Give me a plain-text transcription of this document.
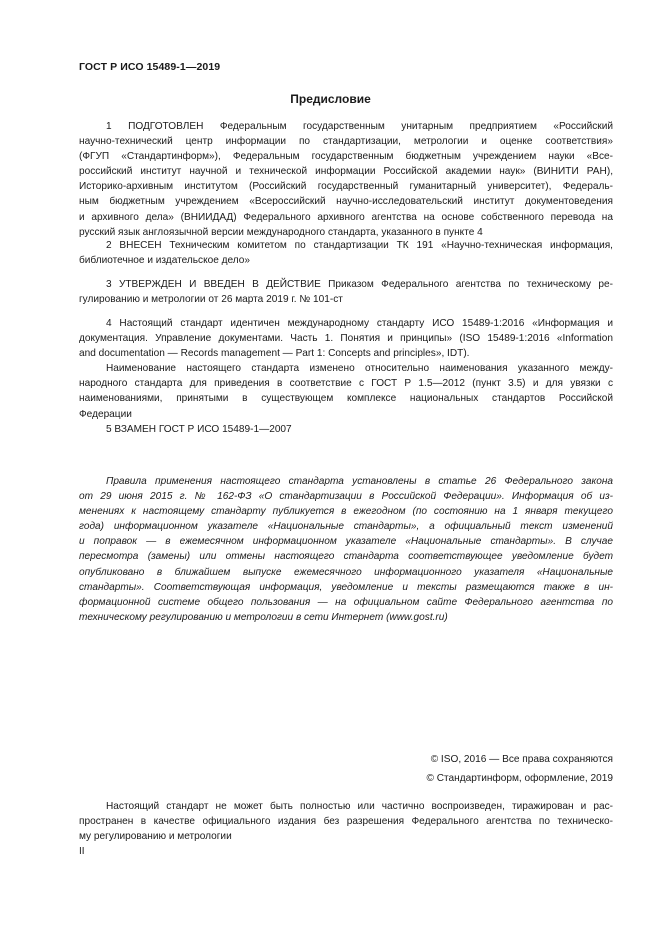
ГОСТ Р ИСО 15489-1—2019
Предисловие
1 ПОДГОТОВЛЕН Федеральным государственным унитарным предприятием «Российский
научно-технический центр информации по стандартизации, метрологии и оценке соответствия»
(ФГУП «Стандартинформ»), Федеральным государственным бюджетным учреждением науки «Все-
российский институт научной и технической информации Российской академии наук» (ВИНИТИ РАН),
Историко-архивным институтом (Российский государственный гуманитарный университет), Федераль-
ным бюджетным учреждением «Всероссийский научно-исследовательский институт документоведения
и архивного дела» (ВНИИДАД) Федерального архивного агентства на основе собственного перевода на
русский язык англоязычной версии международного стандарта, указанного в пункте 4
2 ВНЕСЕН Техническим комитетом по стандартизации ТК 191 «Научно-техническая информация,
библиотечное и издательское дело»
3 УТВЕРЖДЕН И ВВЕДЕН В ДЕЙСТВИЕ Приказом Федерального агентства по техническому ре-
гулированию и метрологии от 26 марта 2019 г. № 101-ст
4 Настоящий стандарт идентичен международному стандарту ИСО 15489-1:2016 «Информация и
документация. Управление документами. Часть 1. Понятия и принципы» (ISO 15489-1:2016 «Information
and documentation — Records management — Part 1: Concepts and principles», IDT).
Наименование настоящего стандарта изменено относительно наименования указанного между-
народного стандарта для приведения в соответствие с ГОСТ Р 1.5—2012 (пункт 3.5) и для увязки с
наименованиями, принятыми в существующем комплексе национальных стандартов Российской
Федерации
5 ВЗАМЕН ГОСТ Р ИСО 15489-1—2007
Правила применения настоящего стандарта установлены в статье 26 Федерального закона
от 29 июня 2015 г. № 162-ФЗ «О стандартизации в Российской Федерации». Информация об из-
менениях к настоящему стандарту публикуется в ежегодном (по состоянию на 1 января текущего
года) информационном указателе «Национальные стандарты», а официальный текст изменений
и поправок — в ежемесячном информационном указателе «Национальные стандарты». В случае
пересмотра (замены) или отмены настоящего стандарта соответствующее уведомление будет
опубликовано в ближайшем выпуске ежемесячного информационного указателя «Национальные
стандарты». Соответствующая информация, уведомление и тексты размещаются также в ин-
формационной системе общего пользования — на официальном сайте Федерального агентства по
техническому регулированию и метрологии в сети Интернет (www.gost.ru)
© ISO, 2016 — Все права сохраняются
© Стандартинформ, оформление, 2019
Настоящий стандарт не может быть полностью или частично воспроизведен, тиражирован и рас-
пространен в качестве официального издания без разрешения Федерального агентства по техническо-
му регулированию и метрологии
II
